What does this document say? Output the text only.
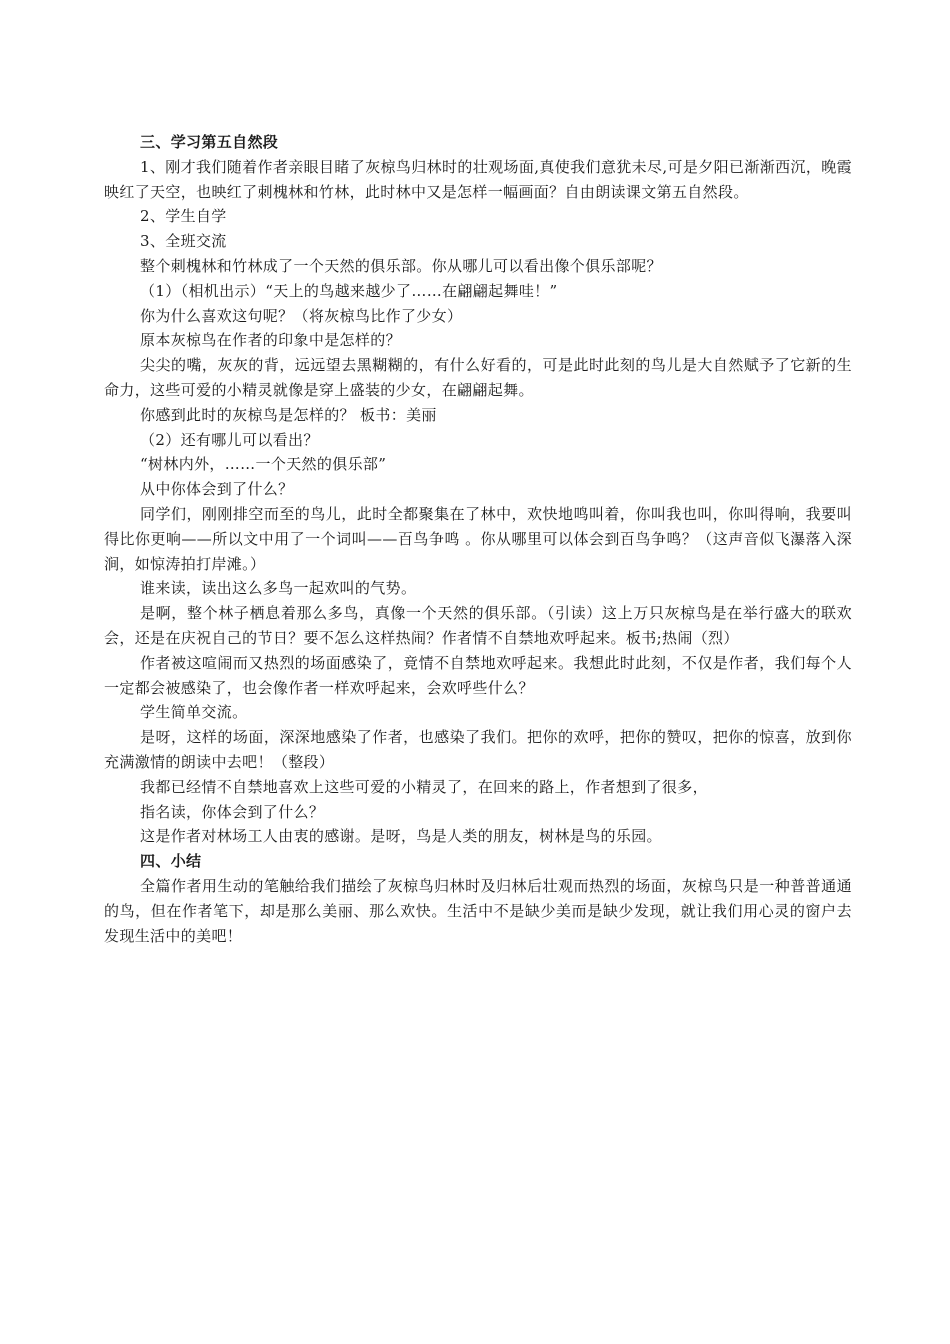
三、学习第五自然段

1、刚才我们随着作者亲眼目睹了灰椋鸟归林时的壮观场面,真使我们意犹未尽,可是夕阳已渐渐西沉，晚霞映红了天空，也映红了刺槐林和竹林，此时林中又是怎样一幅画面？自由朗读课文第五自然段。

2、学生自学

3、全班交流

整个刺槐林和竹林成了一个天然的俱乐部。你从哪儿可以看出像个俱乐部呢？

（1）（相机出示）“天上的鸟越来越少了……在翩翩起舞哇！”

你为什么喜欢这句呢？（将灰椋鸟比作了少女）

原本灰椋鸟在作者的印象中是怎样的？

尖尖的嘴，灰灰的背，远远望去黑糊糊的，有什么好看的，可是此时此刻的鸟儿是大自然赋予了它新的生命力，这些可爱的小精灵就像是穿上盛装的少女，在翩翩起舞。

你感到此时的灰椋鸟是怎样的？ 板书：美丽

（2）还有哪儿可以看出？

“树林内外，……一个天然的俱乐部”

从中你体会到了什么？

同学们，刚刚排空而至的鸟儿，此时全都聚集在了林中，欢快地鸣叫着，你叫我也叫，你叫得响，我要叫得比你更响——所以文中用了一个词叫——百鸟争鸣 。你从哪里可以体会到百鸟争鸣？（这声音似飞瀑落入深涧，如惊涛拍打岸滩。）

谁来读，读出这么多鸟一起欢叫的气势。

是啊，整个林子栖息着那么多鸟，真像一个天然的俱乐部。（引读）这上万只灰椋鸟是在举行盛大的联欢会，还是在庆祝自己的节日？要不怎么这样热闹？作者情不自禁地欢呼起来。板书;热闹（烈）

作者被这喧闹而又热烈的场面感染了，竟情不自禁地欢呼起来。我想此时此刻，不仅是作者，我们每个人一定都会被感染了，也会像作者一样欢呼起来，会欢呼些什么？

学生简单交流。

是呀，这样的场面，深深地感染了作者，也感染了我们。把你的欢呼，把你的赞叹，把你的惊喜，放到你充满激情的朗读中去吧！（整段）

我都已经情不自禁地喜欢上这些可爱的小精灵了，在回来的路上，作者想到了很多，

指名读，你体会到了什么？

这是作者对林场工人由衷的感谢。是呀，鸟是人类的朋友，树林是鸟的乐园。

四、小结

全篇作者用生动的笔触给我们描绘了灰椋鸟归林时及归林后壮观而热烈的场面，灰椋鸟只是一种普普通通的鸟，但在作者笔下，却是那么美丽、那么欢快。生活中不是缺少美而是缺少发现，就让我们用心灵的窗户去发现生活中的美吧！
